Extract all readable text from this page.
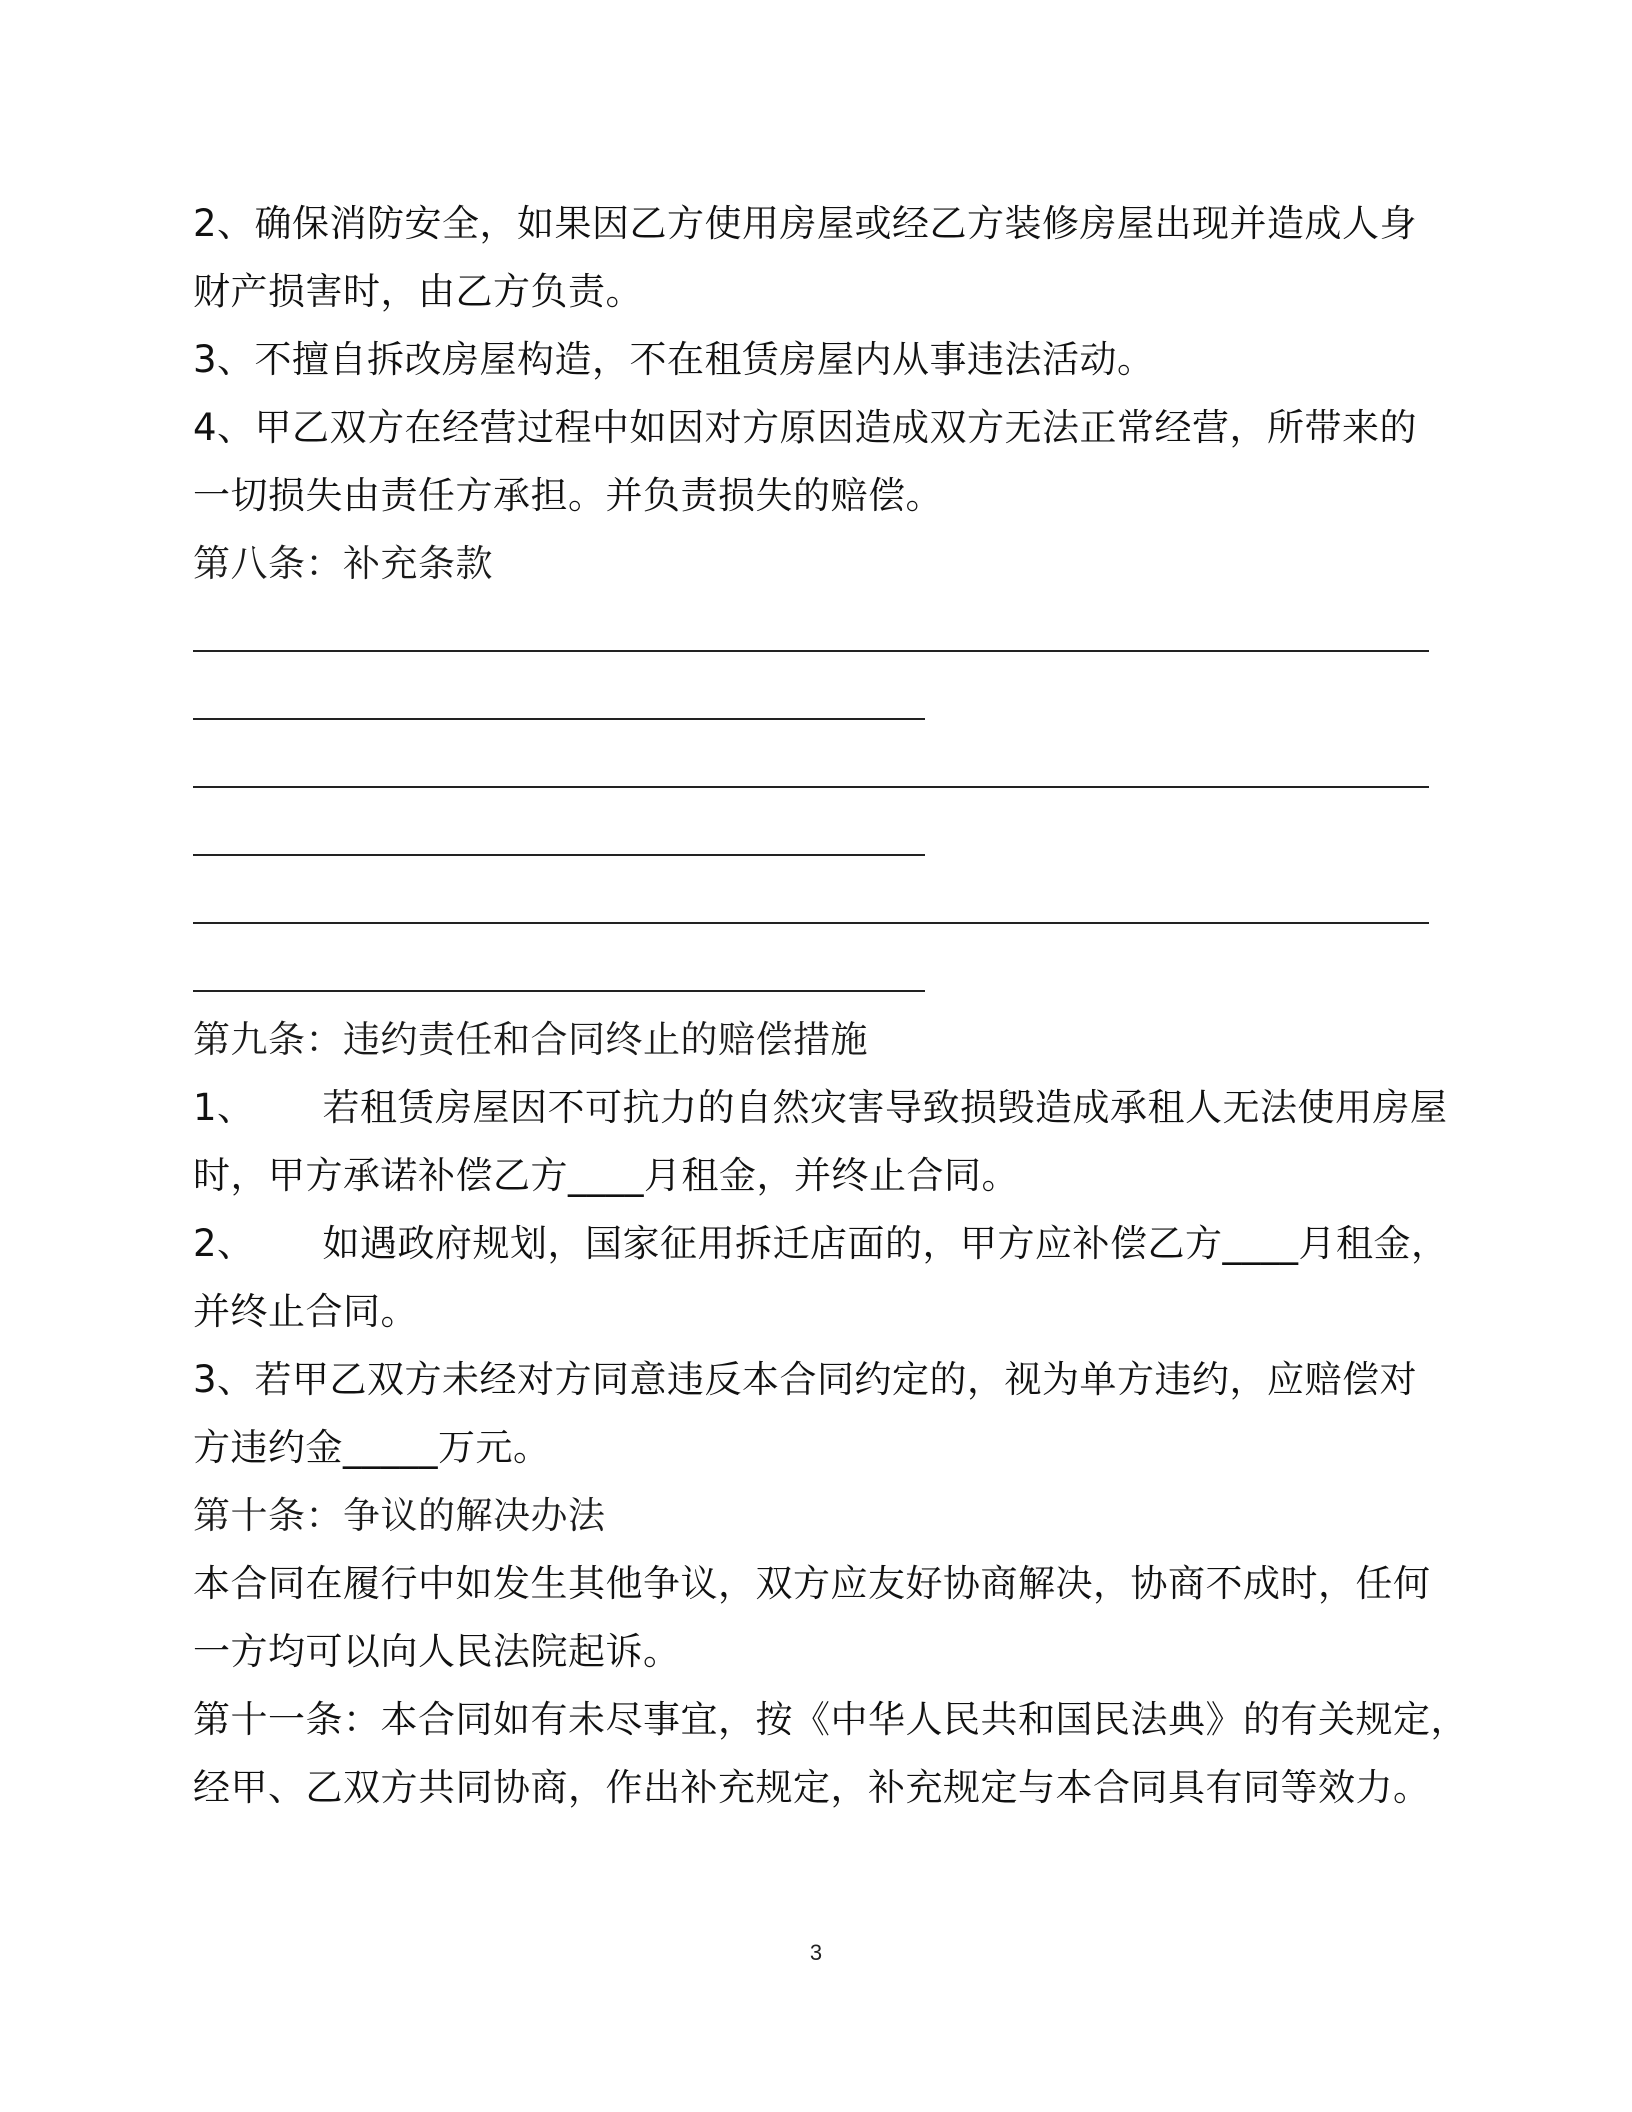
2、确保消防安全，如果因乙方使用房屋或经乙方装修房屋出现并造成人身
财产损害时，由乙方负责。
3、不擅自拆改房屋构造，不在租赁房屋内从事违法活动。
4、甲乙双方在经营过程中如因对方原因造成双方无法正常经营，所带来的
一切损失由责任方承担。并负责损失的赔偿。
第八条：补充条款
第九条：违约责任和合同终止的赔偿措施
1、 若租赁房屋因不可抗力的自然灾害导致损毁造成承租人无法使用房屋
时，甲方承诺补偿乙方____月租金，并终止合同。
2、 如遇政府规划，国家征用拆迁店面的，甲方应补偿乙方____月租金，
并终止合同。
3、若甲乙双方未经对方同意违反本合同约定的，视为单方违约，应赔偿对
方违约金_____万元。
第十条：争议的解决办法
本合同在履行中如发生其他争议，双方应友好协商解决，协商不成时，任何
一方均可以向人民法院起诉。
第十一条：本合同如有未尽事宜，按《中华人民共和国民法典》的有关规定，
经甲、乙双方共同协商，作出补充规定，补充规定与本合同具有同等效力。
3
